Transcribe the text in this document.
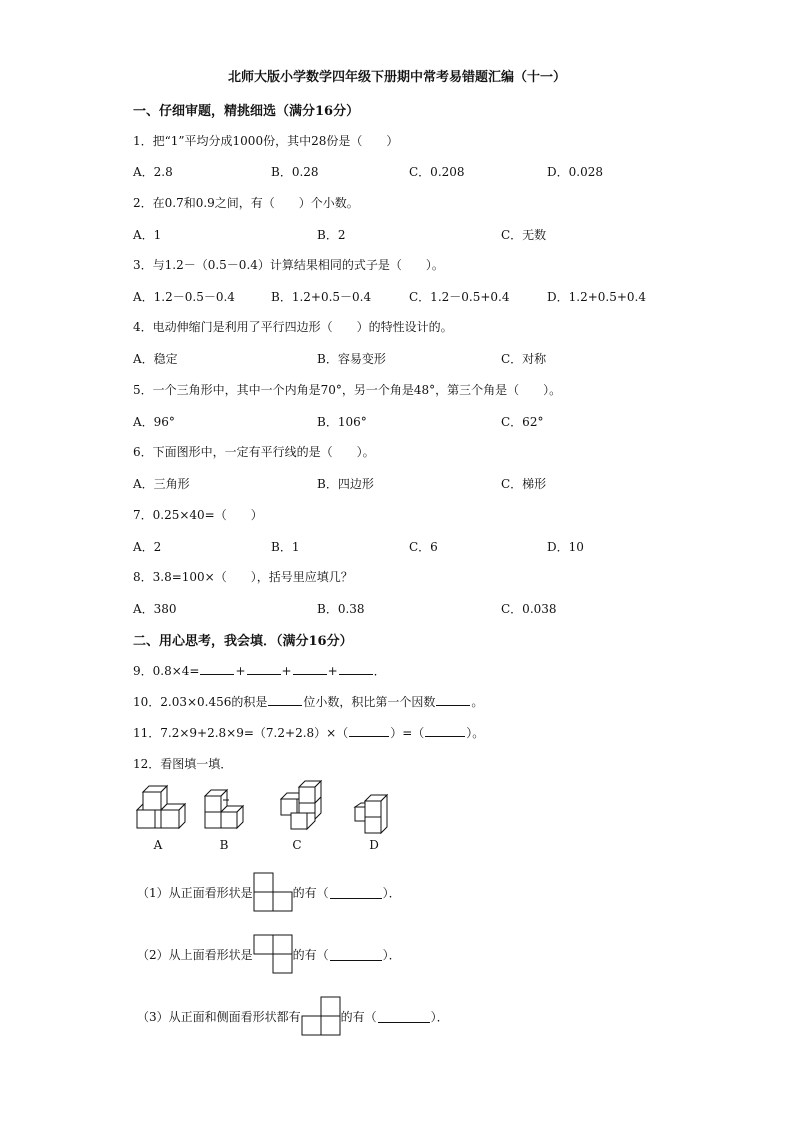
北师大版小学数学四年级下册期中常考易错题汇编（十一）
一、仔细审题，精挑细选（满分16分）
1．把“1”平均分成1000份，其中28份是（　　）
A．2.8	B．0.28	C．0.208	D．0.028
2．在0.7和0.9之间，有（　　）个小数。
A．1	B．2	C．无数
3．与1.2－（0.5－0.4）计算结果相同的式子是（　　）。
A．1.2－0.5－0.4	B．1.2+0.5－0.4	C．1.2－0.5+0.4	D．1.2+0.5+0.4
4．电动伸缩门是利用了平行四边形（　　）的特性设计的。
A．稳定	B．容易变形	C．对称
5．一个三角形中，其中一个内角是70°，另一个角是48°，第三个角是（　　）。
A．96°	B．106°	C．62°
6．下面图形中，一定有平行线的是（　　）。
A．三角形	B．四边形	C．梯形
7．0.25×40=（　　）
A．2	B．1	C．6	D．10
8．3.8=100×（　　），括号里应填几？
A．380	B．0.38	C．0.038
二、用心思考，我会填．（满分16分）
9．0.8×4=	+	+	+	．
10．2.03×0.456的积是	位小数，积比第一个因数	。
11．7.2×9+2.8×9=（7.2+2.8）×（	）=（	）。
12．看图填一填．
A	B	C	D
（1）从正面看形状是	的有（	）．
（2）从上面看形状是	的有（	）．
（3）从正面和侧面看形状都有	的有（	）．
